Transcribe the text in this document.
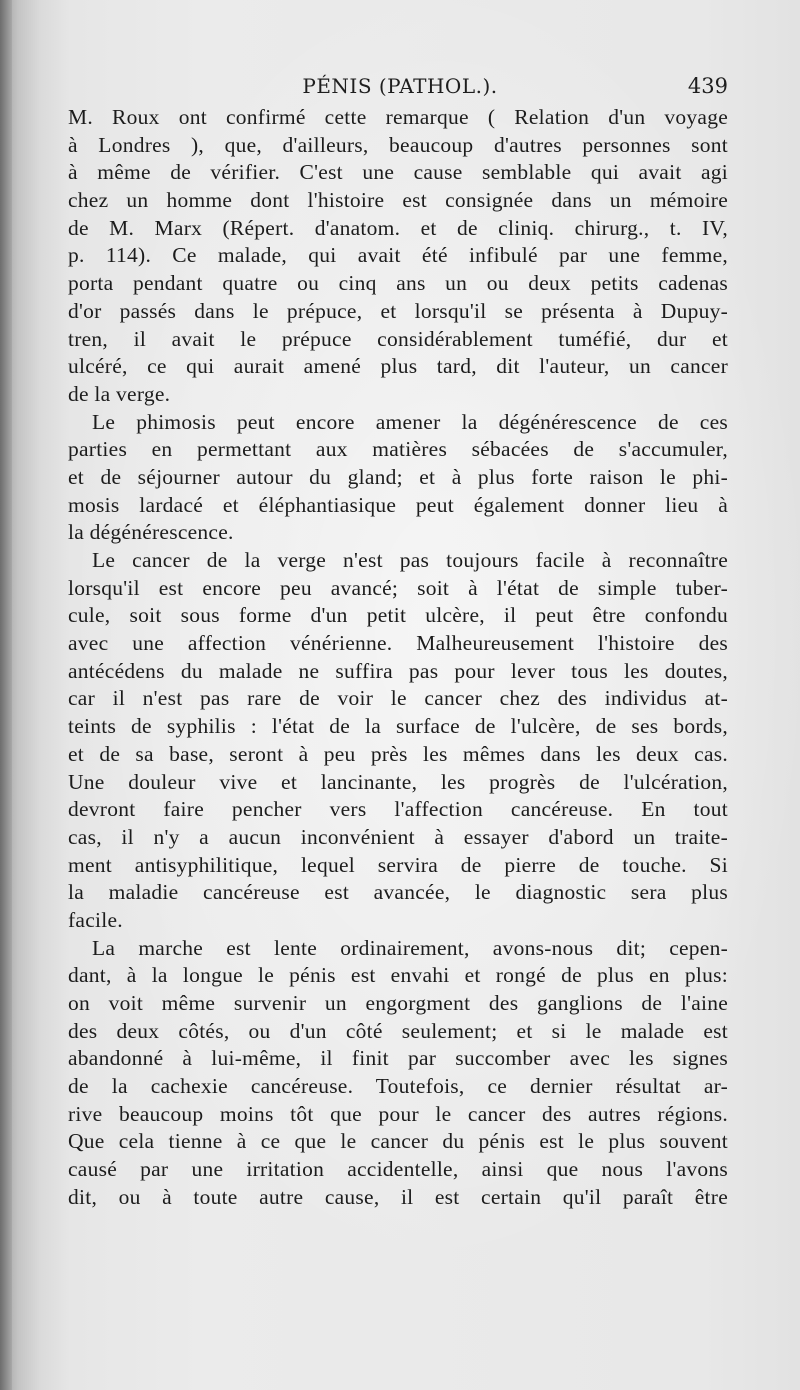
PÉNIS (PATHOL.).	439

M. Roux ont confirmé cette remarque ( Relation d'un voyage
à Londres ), que, d'ailleurs, beaucoup d'autres personnes sont
à même de vérifier. C'est une cause semblable qui avait agi
chez un homme dont l'histoire est consignée dans un mémoire
de M. Marx (Répert. d'anatom. et de cliniq. chirurg., t. IV,
p. 114). Ce malade, qui avait été infibulé par une femme,
porta pendant quatre ou cinq ans un ou deux petits cadenas
d'or passés dans le prépuce, et lorsqu'il se présenta à Dupuy-
tren, il avait le prépuce considérablement tuméfié, dur et
ulcéré, ce qui aurait amené plus tard, dit l'auteur, un cancer
de la verge.

Le phimosis peut encore amener la dégénérescence de ces
parties en permettant aux matières sébacées de s'accumuler,
et de séjourner autour du gland; et à plus forte raison le phi-
mosis lardacé et éléphantiasique peut également donner lieu à
la dégénérescence.

Le cancer de la verge n'est pas toujours facile à reconnaître
lorsqu'il est encore peu avancé; soit à l'état de simple tuber-
cule, soit sous forme d'un petit ulcère, il peut être confondu
avec une affection vénérienne. Malheureusement l'histoire des
antécédens du malade ne suffira pas pour lever tous les doutes,
car il n'est pas rare de voir le cancer chez des individus at-
teints de syphilis : l'état de la surface de l'ulcère, de ses bords,
et de sa base, seront à peu près les mêmes dans les deux cas.
Une douleur vive et lancinante, les progrès de l'ulcération,
devront faire pencher vers l'affection cancéreuse. En tout
cas, il n'y a aucun inconvénient à essayer d'abord un traite-
ment antisyphilitique, lequel servira de pierre de touche. Si
la maladie cancéreuse est avancée, le diagnostic sera plus
facile.

La marche est lente ordinairement, avons-nous dit; cepen-
dant, à la longue le pénis est envahi et rongé de plus en plus:
on voit même survenir un engorgment des ganglions de l'aine
des deux côtés, ou d'un côté seulement; et si le malade est
abandonné à lui-même, il finit par succomber avec les signes
de la cachexie cancéreuse. Toutefois, ce dernier résultat ar-
rive beaucoup moins tôt que pour le cancer des autres régions.
Que cela tienne à ce que le cancer du pénis est le plus souvent
causé par une irritation accidentelle, ainsi que nous l'avons
dit, ou à toute autre cause, il est certain qu'il paraît être
